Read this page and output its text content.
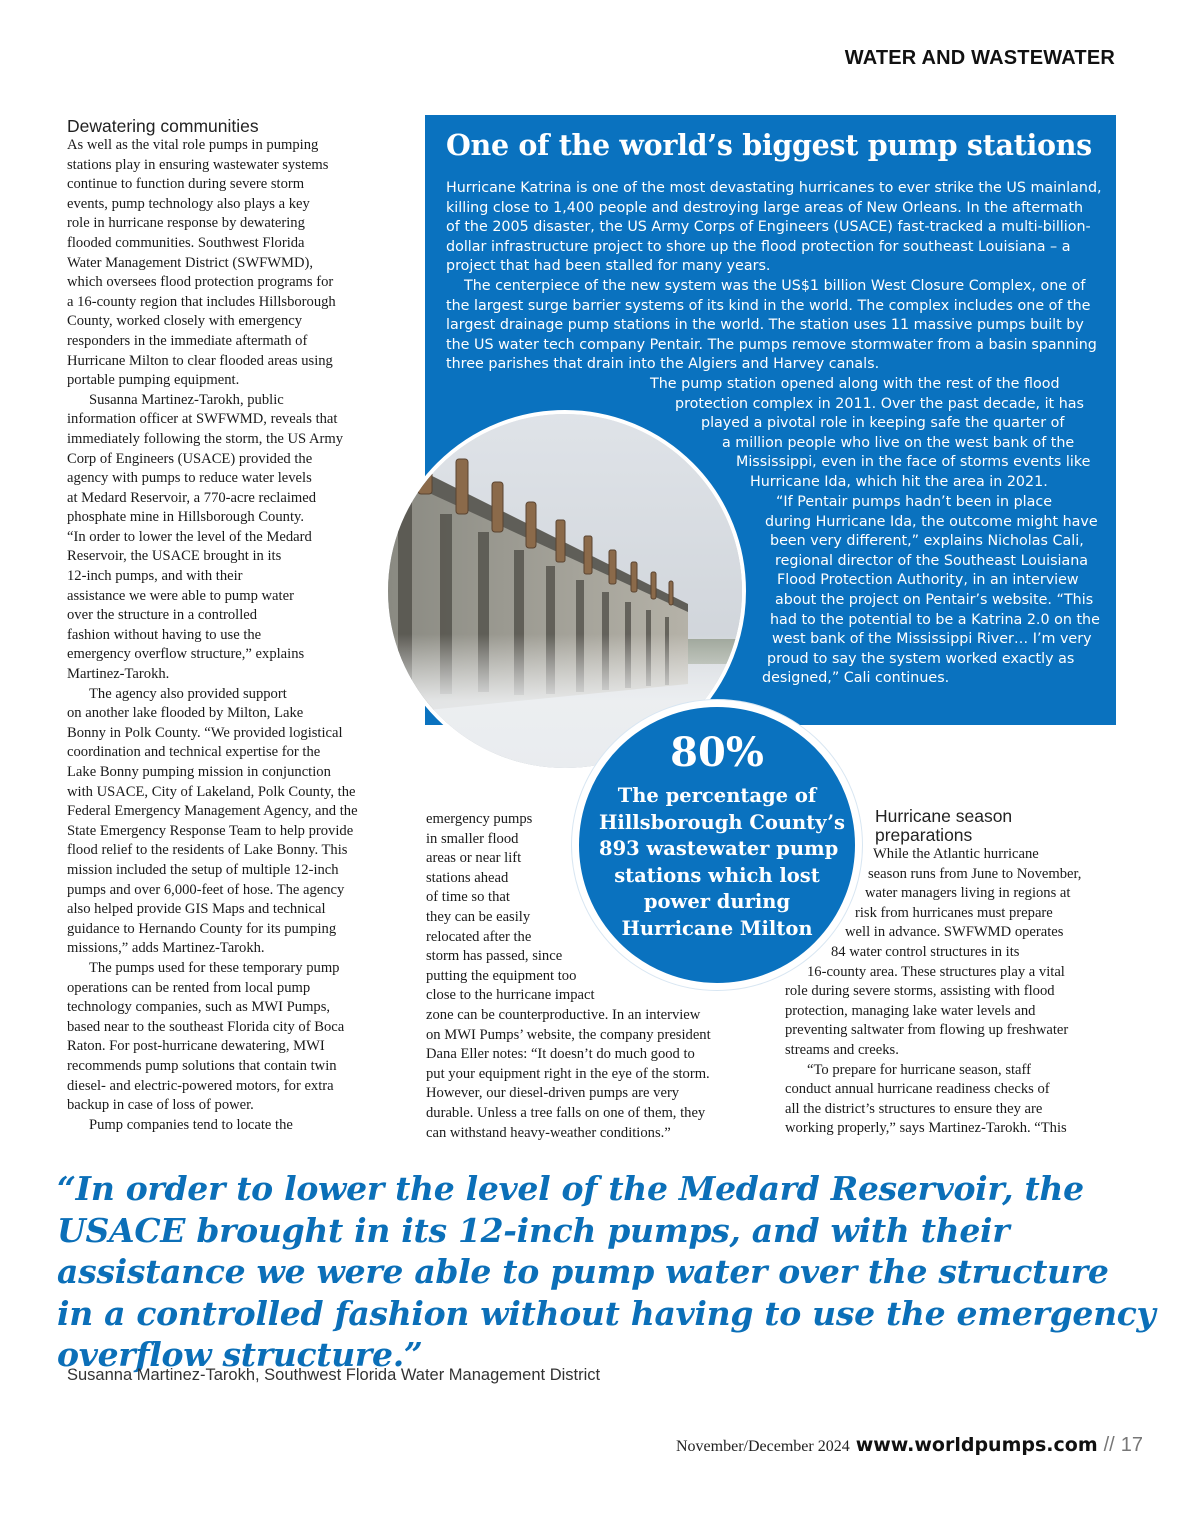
WATER AND WASTEWATER
Dewatering communities
As well as the vital role pumps in pumping
stations play in ensuring wastewater systems
continue to function during severe storm
events, pump technology also plays a key
role in hurricane response by dewatering
flooded communities. Southwest Florida
Water Management District (SWFWMD),
which oversees flood protection programs for
a 16-county region that includes Hillsborough
County, worked closely with emergency
responders in the immediate aftermath of
Hurricane Milton to clear flooded areas using
portable pumping equipment.
Susanna Martinez-Tarokh, public
information officer at SWFWMD, reveals that
immediately following the storm, the US Army
Corp of Engineers (USACE) provided the
agency with pumps to reduce water levels
at Medard Reservoir, a 770-acre reclaimed
phosphate mine in Hillsborough County.
“In order to lower the level of the Medard
Reservoir, the USACE brought in its
12-inch pumps, and with their
assistance we were able to pump water
over the structure in a controlled
fashion without having to use the
emergency overflow structure,” explains
Martinez-Tarokh.
The agency also provided support
on another lake flooded by Milton, Lake
Bonny in Polk County. “We provided logistical
coordination and technical expertise for the
Lake Bonny pumping mission in conjunction
with USACE, City of Lakeland, Polk County, the
Federal Emergency Management Agency, and the
State Emergency Response Team to help provide
flood relief to the residents of Lake Bonny. This
mission included the setup of multiple 12-inch
pumps and over 6,000-feet of hose. The agency
also helped provide GIS Maps and technical
guidance to Hernando County for its pumping
missions,” adds Martinez-Tarokh.
The pumps used for these temporary pump
operations can be rented from local pump
technology companies, such as MWI Pumps,
based near to the southeast Florida city of Boca
Raton. For post-hurricane dewatering, MWI
recommends pump solutions that contain twin
diesel- and electric-powered motors, for extra
backup in case of loss of power.
Pump companies tend to locate the
One of the world’s biggest pump stations
Hurricane Katrina is one of the most devastating hurricanes to ever strike the US mainland,
killing close to 1,400 people and destroying large areas of New Orleans. In the aftermath
of the 2005 disaster, the US Army Corps of Engineers (USACE) fast-tracked a multi-billion-
dollar infrastructure project to shore up the flood protection for southeast Louisiana – a
project that had been stalled for many years.
The centerpiece of the new system was the US$1 billion West Closure Complex, one of
the largest surge barrier systems of its kind in the world. The complex includes one of the
largest drainage pump stations in the world. The station uses 11 massive pumps built by
the US water tech company Pentair. The pumps remove stormwater from a basin spanning
three parishes that drain into the Algiers and Harvey canals.
The pump station opened along with the rest of the flood
protection complex in 2011. Over the past decade, it has
played a pivotal role in keeping safe the quarter of
a million people who live on the west bank of the
Mississippi, even in the face of storms events like
Hurricane Ida, which hit the area in 2021.
“If Pentair pumps hadn’t been in place
during Hurricane Ida, the outcome might have
been very different,” explains Nicholas Cali,
regional director of the Southeast Louisiana
Flood Protection Authority, in an interview
about the project on Pentair’s website. “This
had to the potential to be a Katrina 2.0 on the
west bank of the Mississippi River… I’m very
proud to say the system worked exactly as
designed,” Cali continues.
80%
The percentage of
Hillsborough County’s
893 wastewater pump
stations which lost
power during
Hurricane Milton
emergency pumps
in smaller flood
areas or near lift
stations ahead
of time so that
they can be easily
relocated after the
storm has passed, since
putting the equipment too
close to the hurricane impact
zone can be counterproductive. In an interview
on MWI Pumps’ website, the company president
Dana Eller notes: “It doesn’t do much good to
put your equipment right in the eye of the storm.
However, our diesel-driven pumps are very
durable. Unless a tree falls on one of them, they
can withstand heavy-weather conditions.”
Hurricane season
preparations
While the Atlantic hurricane
season runs from June to November,
water managers living in regions at
risk from hurricanes must prepare
well in advance. SWFWMD operates
84 water control structures in its
16-county area. These structures play a vital
role during severe storms, assisting with flood
protection, managing lake water levels and
preventing saltwater from flowing up freshwater
streams and creeks.
“To prepare for hurricane season, staff
conduct annual hurricane readiness checks of
all the district’s structures to ensure they are
working properly,” says Martinez-Tarokh. “This
“In order to lower the level of the Medard Reservoir, the
USACE brought in its 12-inch pumps, and with their
assistance we were able to pump water over the structure
in a controlled fashion without having to use the emergency
overflow structure.”
Susanna Martinez-Tarokh, Southwest Florida Water Management District
November/December 2024 www.worldpumps.com // 17
